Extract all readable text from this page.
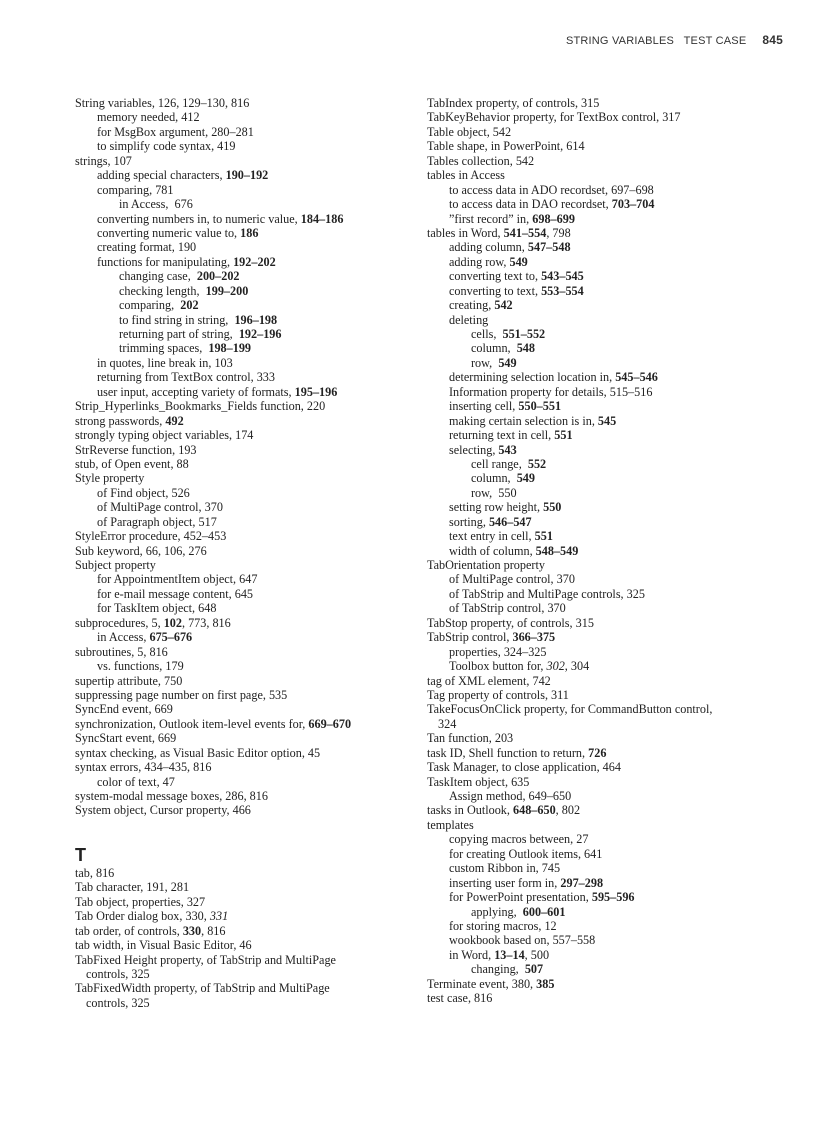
STRING VARIABLES   TEST CASE 845
String variables, 126, 129–130, 816
memory needed, 412
for MsgBox argument, 280–281
to simplify code syntax, 419
strings, 107
adding special characters, 190–192
comparing, 781
in Access,  676
converting numbers in, to numeric value, 184–186
converting numeric value to, 186
creating format, 190
functions for manipulating, 192–202
changing case,  200–202
checking length,  199–200
comparing,  202
to find string in string,  196–198
returning part of string,  192–196
trimming spaces,  198–199
in quotes, line break in, 103
returning from TextBox control, 333
user input, accepting variety of formats, 195–196
Strip_Hyperlinks_Bookmarks_Fields function, 220
strong passwords, 492
strongly typing object variables, 174
StrReverse function, 193
stub, of Open event, 88
Style property
of Find object, 526
of MultiPage control, 370
of Paragraph object, 517
StyleError procedure, 452–453
Sub keyword, 66, 106, 276
Subject property
for AppointmentItem object, 647
for e-mail message content, 645
for TaskItem object, 648
subprocedures, 5, 102, 773, 816
in Access, 675–676
subroutines, 5, 816
vs. functions, 179
supertip attribute, 750
suppressing page number on first page, 535
SyncEnd event, 669
synchronization, Outlook item-level events for, 669–670
SyncStart event, 669
syntax checking, as Visual Basic Editor option, 45
syntax errors, 434–435, 816
color of text, 47
system-modal message boxes, 286, 816
System object, Cursor property, 466
T
tab, 816
Tab character, 191, 281
Tab object, properties, 327
Tab Order dialog box, 330, 331
tab order, of controls, 330, 816
tab width, in Visual Basic Editor, 46
TabFixed Height property, of TabStrip and MultiPage
controls, 325
TabFixedWidth property, of TabStrip and MultiPage
controls, 325
TabIndex property, of controls, 315
TabKeyBehavior property, for TextBox control, 317
Table object, 542
Table shape, in PowerPoint, 614
Tables collection, 542
tables in Access
to access data in ADO recordset, 697–698
to access data in DAO recordset, 703–704
”first record” in, 698–699
tables in Word, 541–554, 798
adding column, 547–548
adding row, 549
converting text to, 543–545
converting to text, 553–554
creating, 542
deleting
cells,  551–552
column,  548
row,  549
determining selection location in, 545–546
Information property for details, 515–516
inserting cell, 550–551
making certain selection is in, 545
returning text in cell, 551
selecting, 543
cell range,  552
column,  549
row,  550
setting row height, 550
sorting, 546–547
text entry in cell, 551
width of column, 548–549
TabOrientation property
of MultiPage control, 370
of TabStrip and MultiPage controls, 325
of TabStrip control, 370
TabStop property, of controls, 315
TabStrip control, 366–375
properties, 324–325
Toolbox button for, 302, 304
tag of XML element, 742
Tag property of controls, 311
TakeFocusOnClick property, for CommandButton control,
324
Tan function, 203
task ID, Shell function to return, 726
Task Manager, to close application, 464
TaskItem object, 635
Assign method, 649–650
tasks in Outlook, 648–650, 802
templates
copying macros between, 27
for creating Outlook items, 641
custom Ribbon in, 745
inserting user form in, 297–298
for PowerPoint presentation, 595–596
applying,  600–601
for storing macros, 12
wookbook based on, 557–558
in Word, 13–14, 500
changing,  507
Terminate event, 380, 385
test case, 816
